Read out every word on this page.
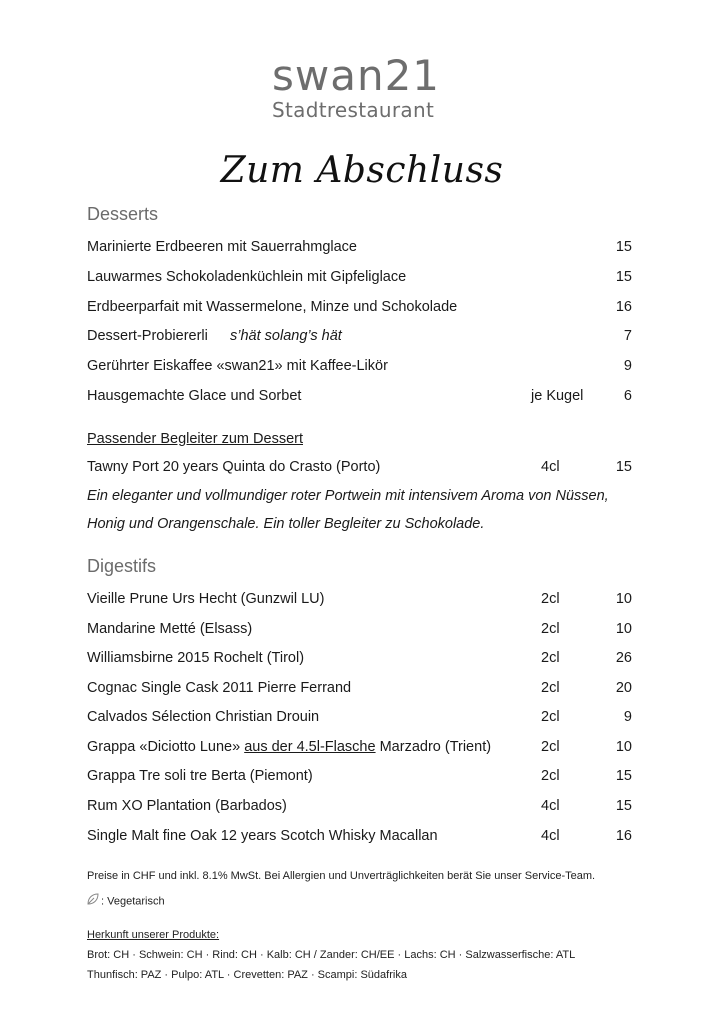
swan21
Stadtrestaurant
Zum Abschluss
Desserts
Marinierte Erdbeeren mit Sauerrahmglace	15
Lauwarmes Schokoladenküchlein mit Gipfeliglace	15
Erdbeerparfait mit Wassermelone, Minze und Schokolade	16
Dessert-Probiererli s’hät solang’s hät	7
Gerührter Eiskaffee «swan21» mit Kaffee-Likör	9
Hausgemachte Glace und Sorbet	je Kugel	6
Passender Begleiter zum Dessert
Tawny Port 20 years Quinta do Crasto (Porto)	4cl	15
Ein eleganter und vollmundiger roter Portwein mit intensivem Aroma von Nüssen, Honig und Orangenschale. Ein toller Begleiter zu Schokolade.
Digestifs
Vieille Prune Urs Hecht (Gunzwil LU)	2cl	10
Mandarine Metté (Elsass)	2cl	10
Williamsbirne 2015 Rochelt (Tirol)	2cl	26
Cognac Single Cask 2011 Pierre Ferrand	2cl	20
Calvados Sélection Christian Drouin	2cl	9
Grappa «Diciotto Lune» aus der 4.5l-Flasche Marzadro (Trient)	2cl	10
Grappa Tre soli tre Berta (Piemont)	2cl	15
Rum XO Plantation (Barbados)	4cl	15
Single Malt fine Oak 12 years Scotch Whisky Macallan	4cl	16
Preise in CHF und inkl. 8.1% MwSt. Bei Allergien und Unverträglichkeiten berät Sie unser Service-Team.
: Vegetarisch
Herkunft unserer Produkte:
Brot: CH · Schwein: CH · Rind: CH · Kalb: CH / Zander: CH/EE · Lachs: CH · Salzwasserfische: ATL
Thunfisch: PAZ · Pulpo: ATL · Crevetten: PAZ · Scampi: Südafrika
